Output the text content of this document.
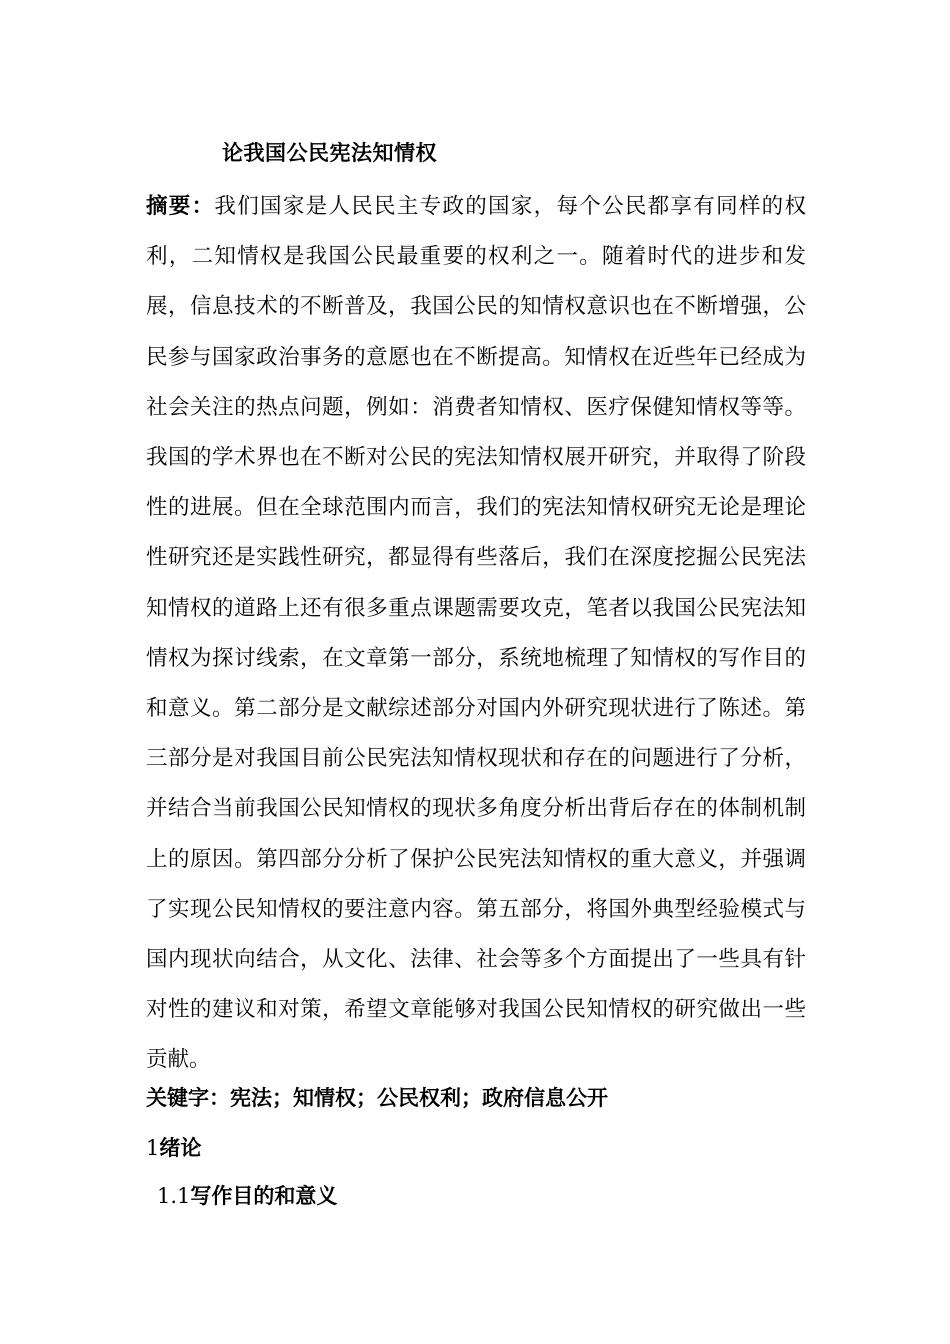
论我国公民宪法知情权

摘要：我们国家是人民民主专政的国家，每个公民都享有同样的权利，二知情权是我国公民最重要的权利之一。随着时代的进步和发展，信息技术的不断普及，我国公民的知情权意识也在不断增强，公民参与国家政治事务的意愿也在不断提高。知情权在近些年已经成为社会关注的热点问题，例如：消费者知情权、医疗保健知情权等等。我国的学术界也在不断对公民的宪法知情权展开研究，并取得了阶段性的进展。但在全球范围内而言，我们的宪法知情权研究无论是理论性研究还是实践性研究，都显得有些落后，我们在深度挖掘公民宪法知情权的道路上还有很多重点课题需要攻克，笔者以我国公民宪法知情权为探讨线索，在文章第一部分，系统地梳理了知情权的写作目的和意义。第二部分是文献综述部分对国内外研究现状进行了陈述。第三部分是对我国目前公民宪法知情权现状和存在的问题进行了分析，并结合当前我国公民知情权的现状多角度分析出背后存在的体制机制上的原因。第四部分分析了保护公民宪法知情权的重大意义，并强调了实现公民知情权的要注意内容。第五部分，将国外典型经验模式与国内现状向结合，从文化、法律、社会等多个方面提出了一些具有针对性的建议和对策，希望文章能够对我国公民知情权的研究做出一些贡献。

关键字：宪法；知情权；公民权利；政府信息公开
1绪论
1.1写作目的和意义
